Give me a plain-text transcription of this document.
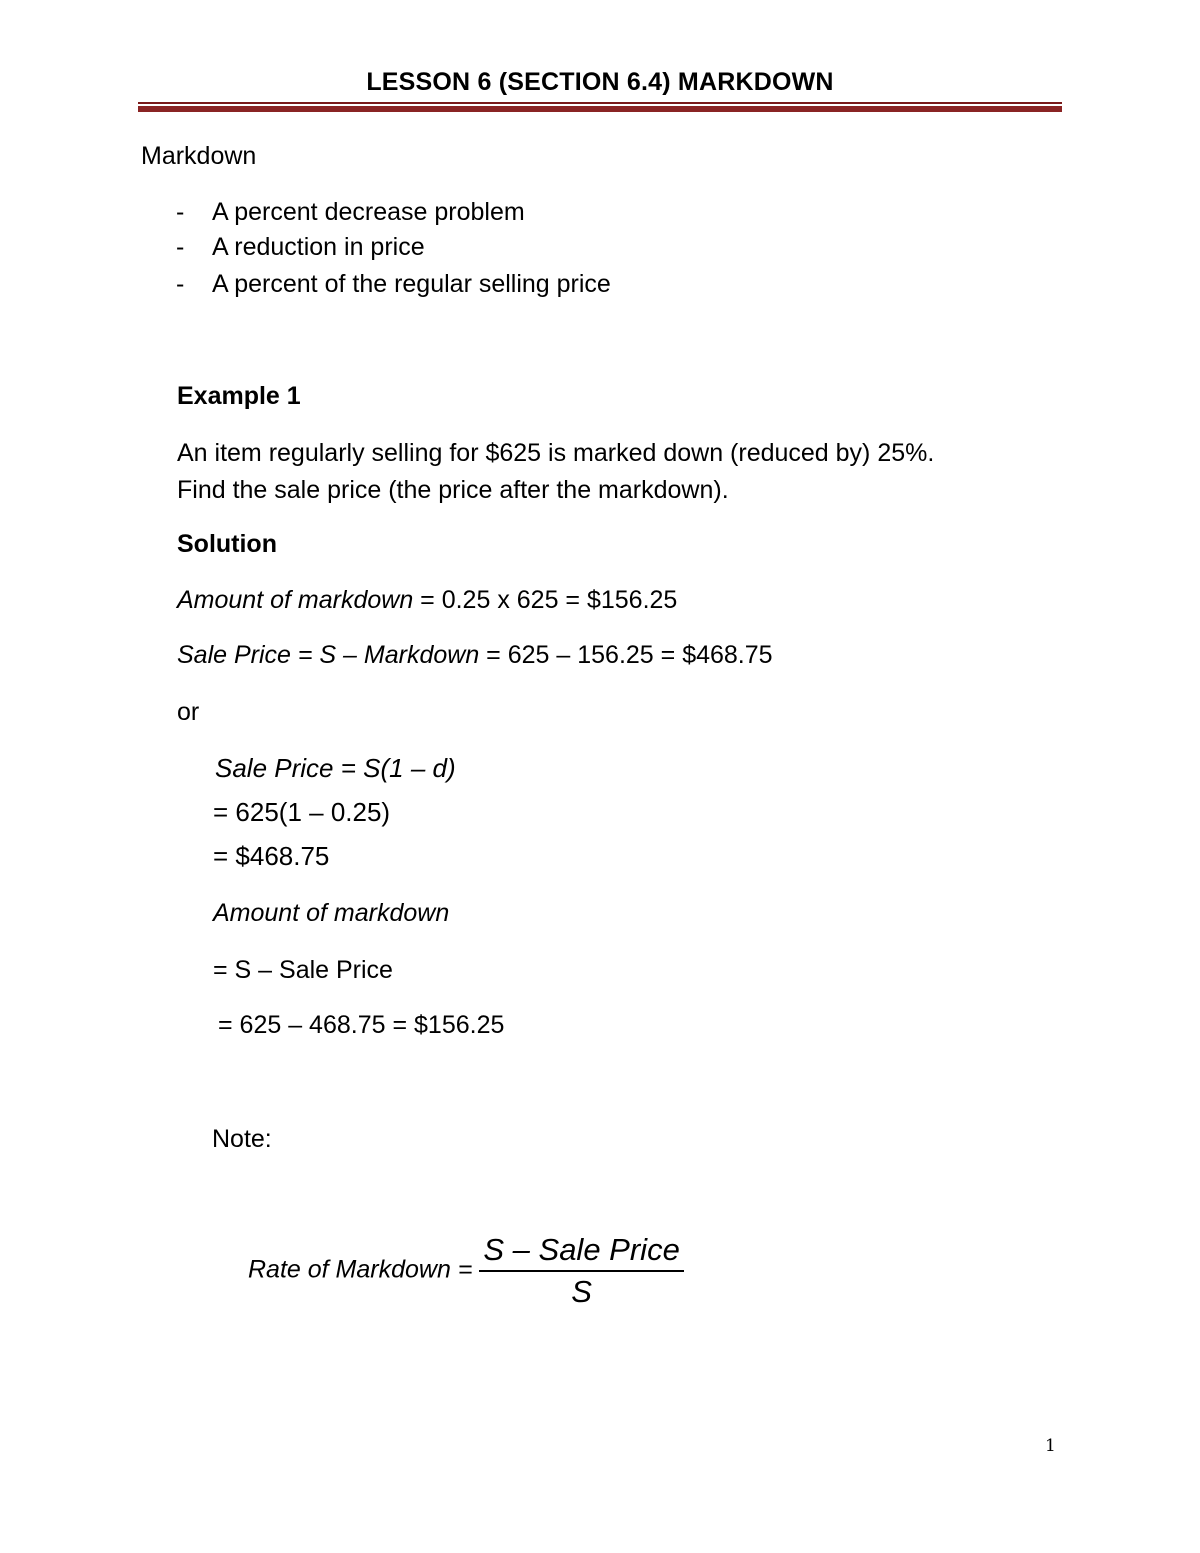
LESSON 6 (SECTION 6.4) MARKDOWN
Markdown
- A percent decrease problem
- A reduction in price
- A percent of the regular selling price
Example 1
An item regularly selling for $625 is marked down (reduced by) 25%.
Find the sale price (the price after the markdown).
Solution
Amount of markdown = 0.25 x 625 = $156.25
Sale Price = S – Markdown = 625 – 156.25 = $468.75
or
Sale Price = S(1 – d)
= 625(1 – 0.25)
= $468.75
Amount of markdown
= S – Sale Price
= 625 – 468.75 = $156.25
Note:
Rate of Markdown = $\frac{\text{S – Sale Price}}{S}$
1
